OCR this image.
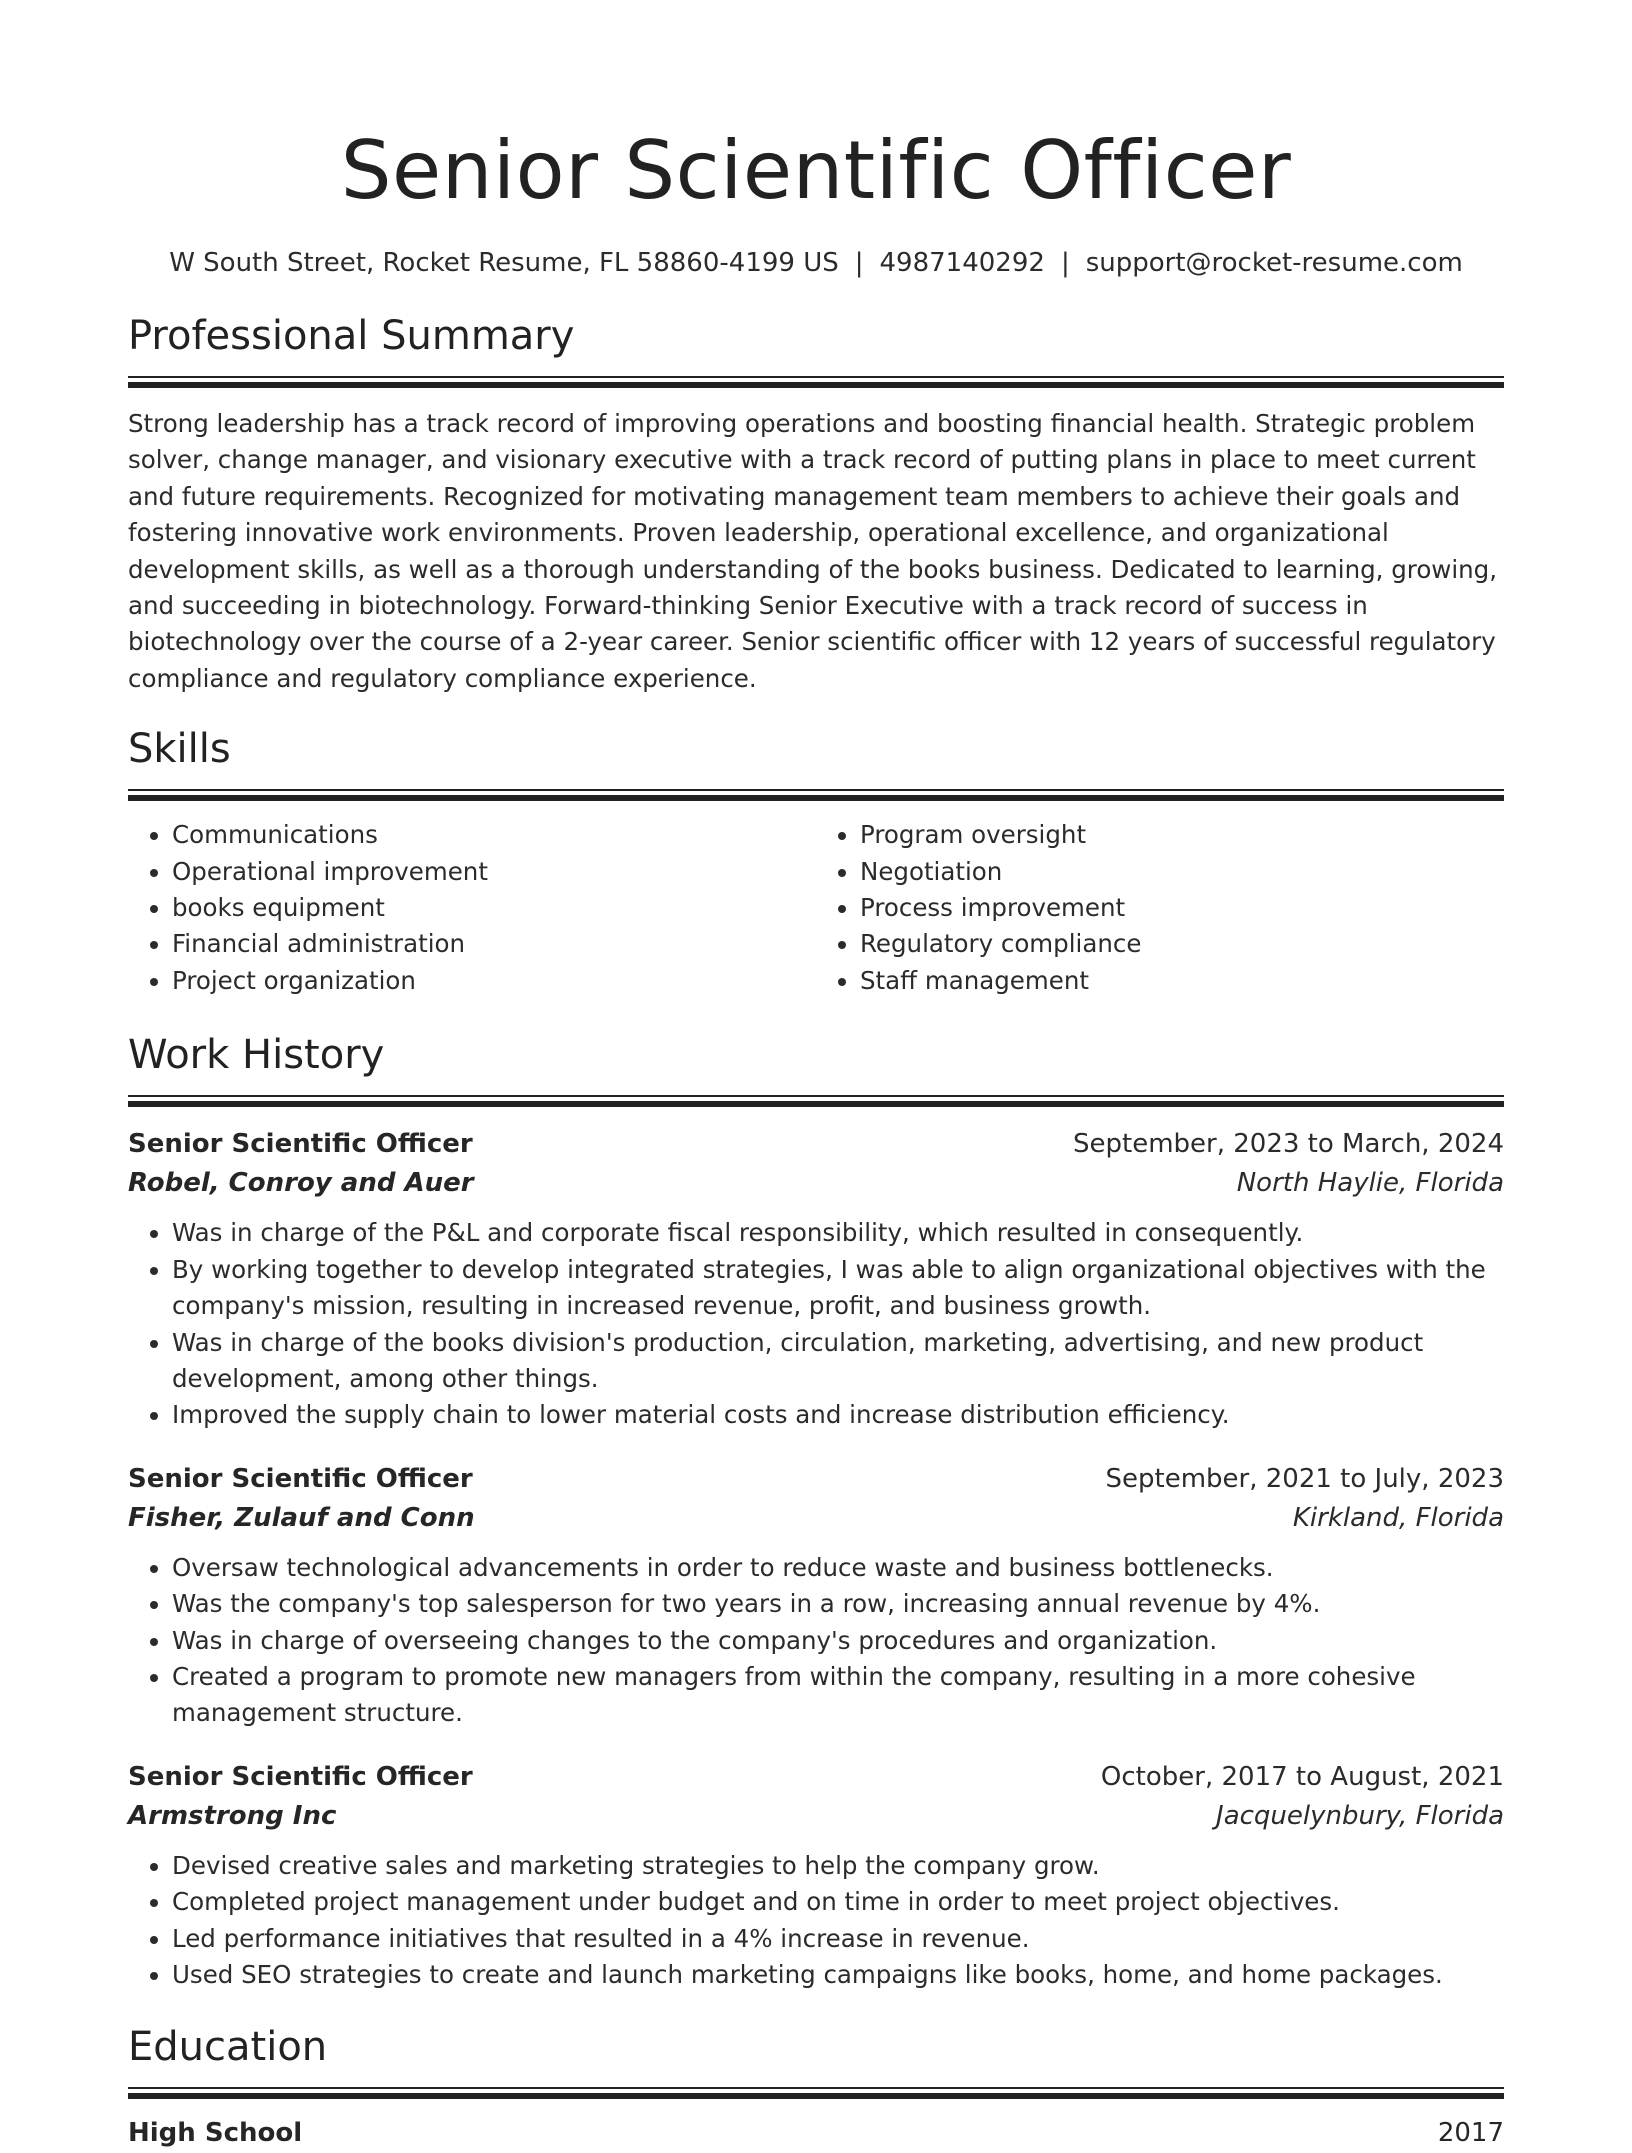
Senior Scientific Officer
W South Street, Rocket Resume, FL 58860-4199 US | 4987140292 | support@rocket-resume.com
Professional Summary

Strong leadership has a track record of improving operations and boosting financial health. Strategic problem solver, change manager, and visionary executive with a track record of putting plans in place to meet current and future requirements. Recognized for motivating management team members to achieve their goals and fostering innovative work environments. Proven leadership, operational excellence, and organizational development skills, as well as a thorough understanding of the books business. Dedicated to learning, growing, and succeeding in biotechnology. Forward-thinking Senior Executive with a track record of success in biotechnology over the course of a 2-year career. Senior scientific officer with 12 years of successful regulatory compliance and regulatory compliance experience.

Skills
• Communications
• Operational improvement
• books equipment
• Financial administration
• Project organization
• Program oversight
• Negotiation
• Process improvement
• Regulatory compliance
• Staff management
Work History
Senior Scientific Officer	September, 2023 to March, 2024
Robel, Conroy and Auer	North Haylie, Florida
• Was in charge of the P&L and corporate fiscal responsibility, which resulted in consequently.
• By working together to develop integrated strategies, I was able to align organizational objectives with the company's mission, resulting in increased revenue, profit, and business growth.
• Was in charge of the books division's production, circulation, marketing, advertising, and new product development, among other things.
• Improved the supply chain to lower material costs and increase distribution efficiency.
Senior Scientific Officer	September, 2021 to July, 2023
Fisher, Zulauf and Conn	Kirkland, Florida
• Oversaw technological advancements in order to reduce waste and business bottlenecks.
• Was the company's top salesperson for two years in a row, increasing annual revenue by 4%.
• Was in charge of overseeing changes to the company's procedures and organization.
• Created a program to promote new managers from within the company, resulting in a more cohesive management structure.
Senior Scientific Officer	October, 2017 to August, 2021
Armstrong Inc	Jacquelynbury, Florida
• Devised creative sales and marketing strategies to help the company grow.
• Completed project management under budget and on time in order to meet project objectives.
• Led performance initiatives that resulted in a 4% increase in revenue.
• Used SEO strategies to create and launch marketing campaigns like books, home, and home packages.
Education
High School	2017
